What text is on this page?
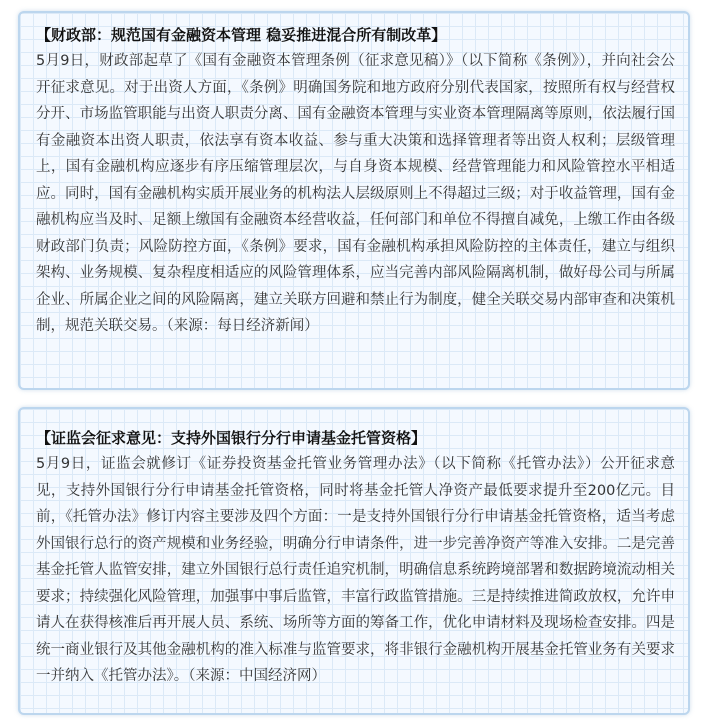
【财政部：规范国有金融资本管理 稳妥推进混合所有制改革】

5月9日，财政部起草了《国有金融资本管理条例（征求意见稿）》（以下简称《条例》），并向社会公开征求意见。对于出资人方面，《条例》明确国务院和地方政府分别代表国家，按照所有权与经营权分开、市场监管职能与出资人职责分离、国有金融资本管理与实业资本管理隔离等原则，依法履行国有金融资本出资人职责，依法享有资本收益、参与重大决策和选择管理者等出资人权利；层级管理上，国有金融机构应逐步有序压缩管理层次，与自身资本规模、经营管理能力和风险管控水平相适应。同时，国有金融机构实质开展业务的机构法人层级原则上不得超过三级；对于收益管理，国有金融机构应当及时、足额上缴国有金融资本经营收益，任何部门和单位不得擅自减免，上缴工作由各级财政部门负责；风险防控方面，《条例》要求，国有金融机构承担风险防控的主体责任，建立与组织架构、业务规模、复杂程度相适应的风险管理体系，应当完善内部风险隔离机制，做好母公司与所属企业、所属企业之间的风险隔离，建立关联方回避和禁止行为制度，健全关联交易内部审查和决策机制，规范关联交易。（来源：每日经济新闻）

【证监会征求意见：支持外国银行分行申请基金托管资格】

5月9日，证监会就修订《证券投资基金托管业务管理办法》（以下简称《托管办法》）公开征求意见，支持外国银行分行申请基金托管资格，同时将基金托管人净资产最低要求提升至200亿元。目前，《托管办法》修订内容主要涉及四个方面：一是支持外国银行分行申请基金托管资格，适当考虑外国银行总行的资产规模和业务经验，明确分行申请条件，进一步完善净资产等准入安排。二是完善基金托管人监管安排，建立外国银行总行责任追究机制，明确信息系统跨境部署和数据跨境流动相关要求；持续强化风险管理，加强事中事后监管，丰富行政监管措施。三是持续推进简政放权，允许申请人在获得核准后再开展人员、系统、场所等方面的筹备工作，优化申请材料及现场检查安排。四是统一商业银行及其他金融机构的准入标准与监管要求，将非银行金融机构开展基金托管业务有关要求一并纳入《托管办法》。（来源：中国经济网）
